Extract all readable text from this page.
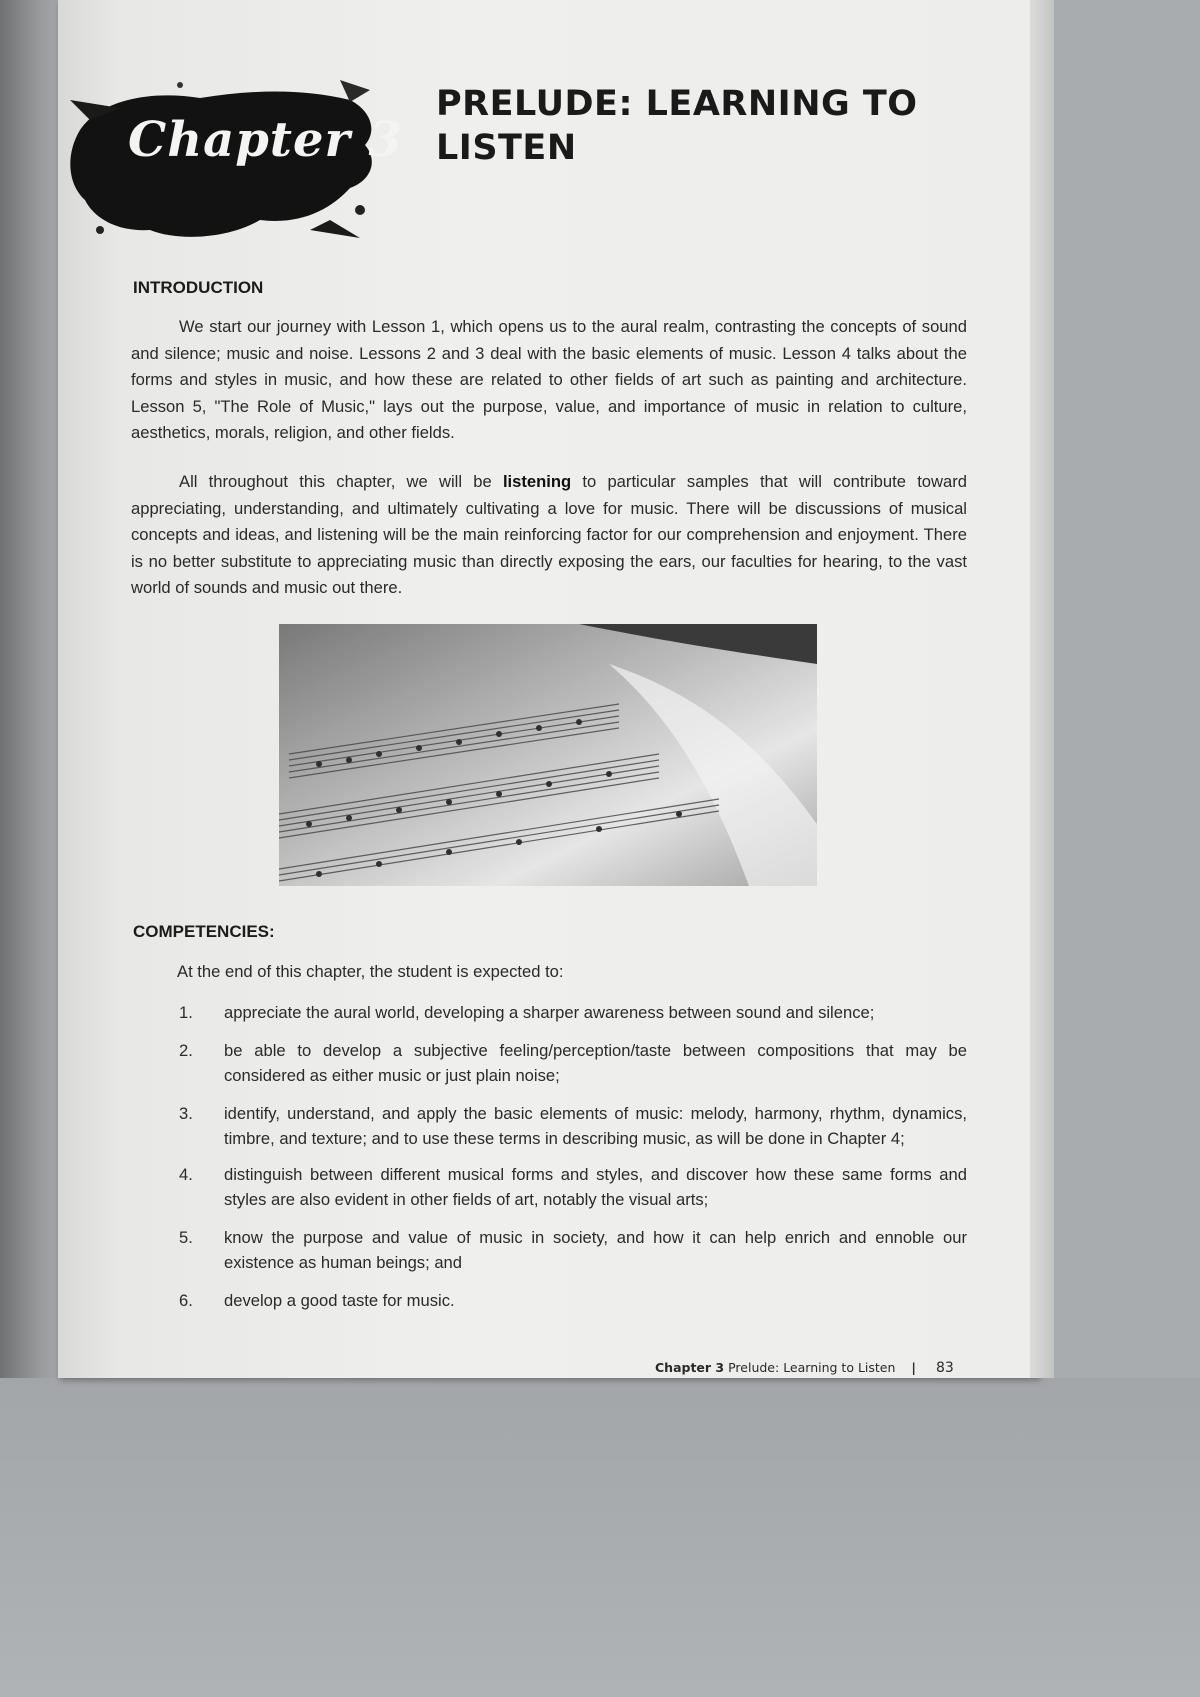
Chapter 3
PRELUDE: LEARNING TO
LISTEN
INTRODUCTION

We start our journey with Lesson 1, which opens us to the aural realm, contrasting the concepts of sound and silence; music and noise. Lessons 2 and 3 deal with the basic elements of music. Lesson 4 talks about the forms and styles in music, and how these are related to other fields of art such as painting and architecture. Lesson 5, "The Role of Music," lays out the purpose, value, and importance of music in relation to culture, aesthetics, morals, religion, and other fields.

All throughout this chapter, we will be listening to particular samples that will contribute toward appreciating, understanding, and ultimately cultivating a love for music. There will be discussions of musical concepts and ideas, and listening will be the main reinforcing factor for our comprehension and enjoyment. There is no better substitute to appreciating music than directly exposing the ears, our faculties for hearing, to the vast world of sounds and music out there.

COMPETENCIES:
At the end of this chapter, the student is expected to:
1. appreciate the aural world, developing a sharper awareness between sound and silence;
2. be able to develop a subjective feeling/perception/taste between compositions that may be considered as either music or just plain noise;
3. identify, understand, and apply the basic elements of music: melody, harmony, rhythm, dynamics, timbre, and texture; and to use these terms in describing music, as will be done in Chapter 4;
4. distinguish between different musical forms and styles, and discover how these same forms and styles are also evident in other fields of art, notably the visual arts;
5. know the purpose and value of music in society, and how it can help enrich and ennoble our existence as human beings; and
6. develop a good taste for music.
Chapter 3 Prelude: Learning to Listen | 83
